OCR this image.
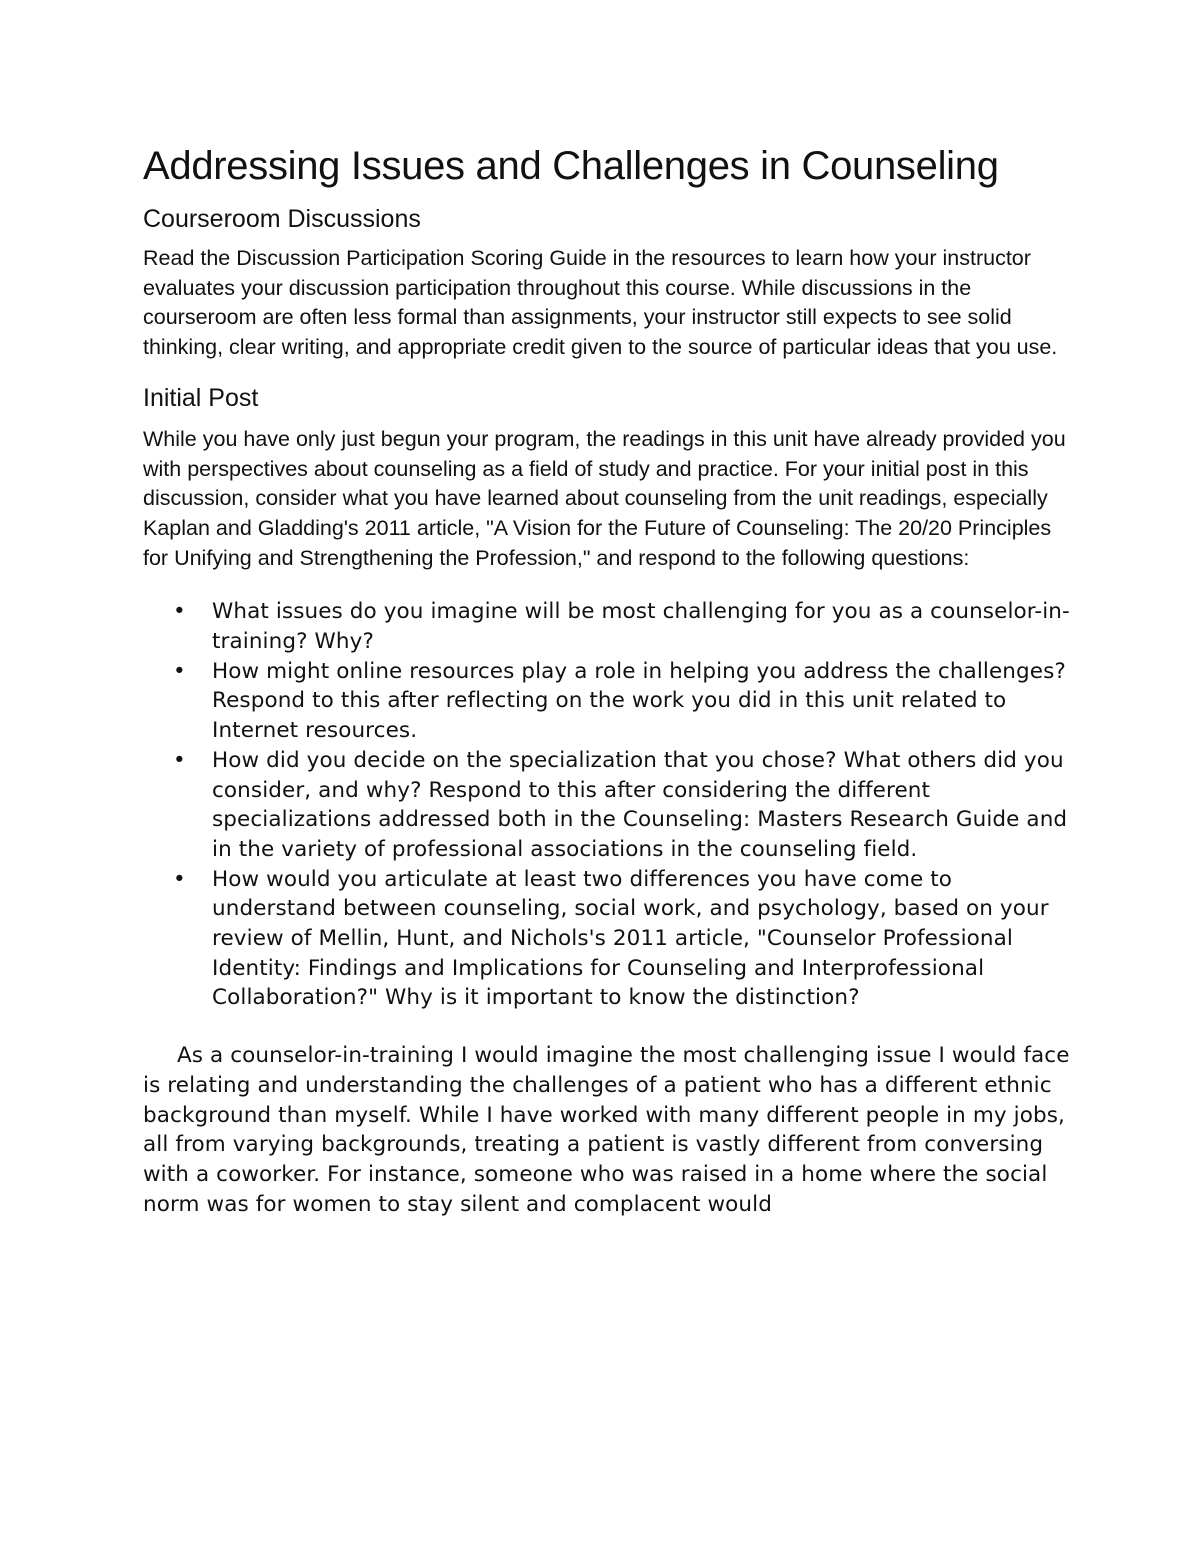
Addressing Issues and Challenges in Counseling
Courseroom Discussions

Read the Discussion Participation Scoring Guide in the resources to learn how your instructor evaluates your discussion participation throughout this course. While discussions in the courseroom are often less formal than assignments, your instructor still expects to see solid thinking, clear writing, and appropriate credit given to the source of particular ideas that you use.

Initial Post

While you have only just begun your program, the readings in this unit have already provided you with perspectives about counseling as a field of study and practice. For your initial post in this discussion, consider what you have learned about counseling from the unit readings, especially Kaplan and Gladding's 2011 article, "A Vision for the Future of Counseling: The 20/20 Principles for Unifying and Strengthening the Profession," and respond to the following questions:

• What issues do you imagine will be most challenging for you as a counselor-in-training? Why?
• How might online resources play a role in helping you address the challenges? Respond to this after reflecting on the work you did in this unit related to Internet resources.
• How did you decide on the specialization that you chose? What others did you consider, and why? Respond to this after considering the different specializations addressed both in the Counseling: Masters Research Guide and in the variety of professional associations in the counseling field.
• How would you articulate at least two differences you have come to understand between counseling, social work, and psychology, based on your review of Mellin, Hunt, and Nichols's 2011 article, "Counselor Professional Identity: Findings and Implications for Counseling and Interprofessional Collaboration?" Why is it important to know the distinction?

As a counselor-in-training I would imagine the most challenging issue I would face is relating and understanding the challenges of a patient who has a different ethnic background than myself. While I have worked with many different people in my jobs, all from varying backgrounds, treating a patient is vastly different from conversing with a coworker. For instance, someone who was raised in a home where the social norm was for women to stay silent and complacent would
